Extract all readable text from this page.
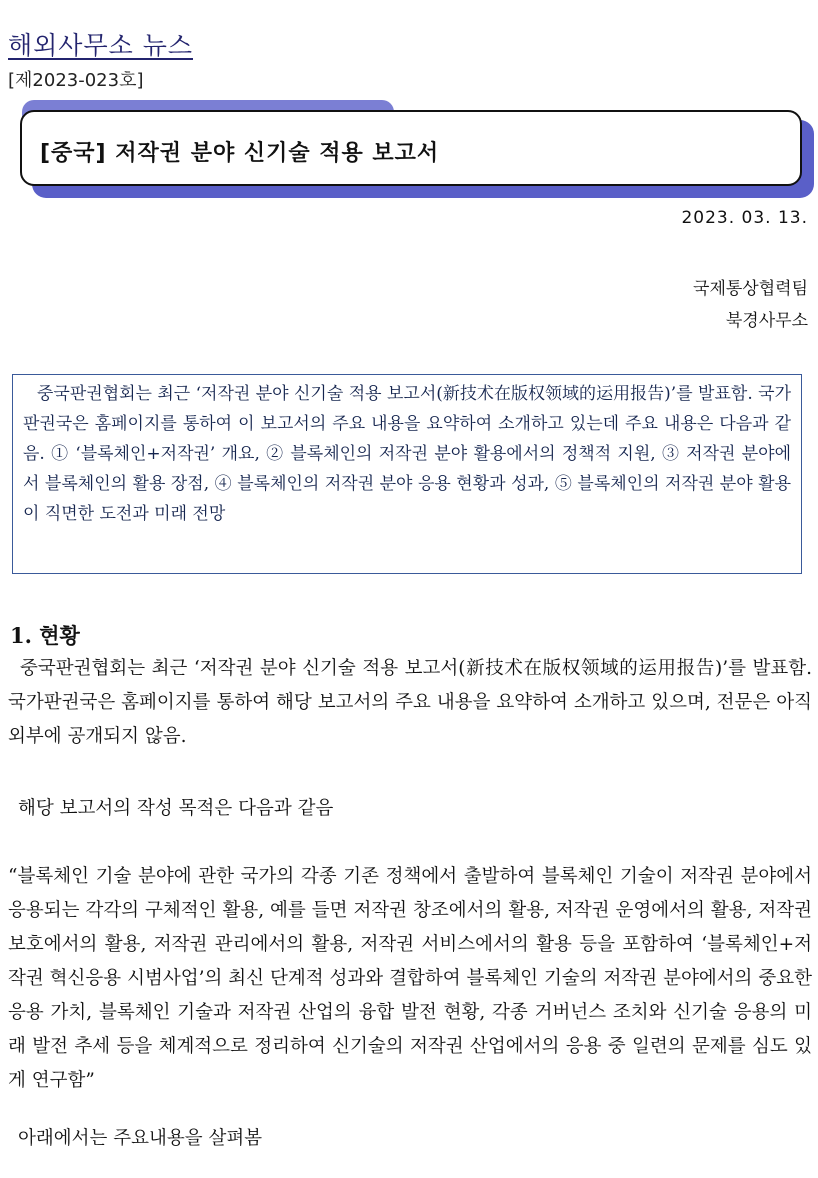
해외사무소 뉴스
[제2023-023호]
[중국] 저작권 분야 신기술 적용 보고서
2023. 03. 13.
국제통상협력팀
북경사무소

중국판권협회는 최근 ‘저작권 분야 신기술 적용 보고서(新技术在版权领域的运用报告)’를 발표함. 국가판권국은 홈페이지를 통하여 이 보고서의 주요 내용을 요약하여 소개하고 있는데 주요 내용은 다음과 같음. ① ‘블록체인+저작권’ 개요, ② 블록체인의 저작권 분야 활용에서의 정책적 지원, ③ 저작권 분야에서 블록체인의 활용 장점, ④ 블록체인의 저작권 분야 응용 현황과 성과, ⑤ 블록체인의 저작권 분야 활용이 직면한 도전과 미래 전망

1. 현황

중국판권협회는 최근 ‘저작권 분야 신기술 적용 보고서(新技术在版权领域的运用报告)’를 발표함. 국가판권국은 홈페이지를 통하여 해당 보고서의 주요 내용을 요약하여 소개하고 있으며, 전문은 아직 외부에 공개되지 않음.

해당 보고서의 작성 목적은 다음과 같음

“블록체인 기술 분야에 관한 국가의 각종 기존 정책에서 출발하여 블록체인 기술이 저작권 분야에서 응용되는 각각의 구체적인 활용, 예를 들면 저작권 창조에서의 활용, 저작권 운영에서의 활용, 저작권 보호에서의 활용, 저작권 관리에서의 활용, 저작권 서비스에서의 활용 등을 포함하여 ‘블록체인+저작권 혁신응용 시범사업’의 최신 단계적 성과와 결합하여 블록체인 기술의 저작권 분야에서의 중요한 응용 가치, 블록체인 기술과 저작권 산업의 융합 발전 현황, 각종 거버넌스 조치와 신기술 응용의 미래 발전 추세 등을 체계적으로 정리하여 신기술의 저작권 산업에서의 응용 중 일련의 문제를 심도 있게 연구함”

아래에서는 주요내용을 살펴봄
